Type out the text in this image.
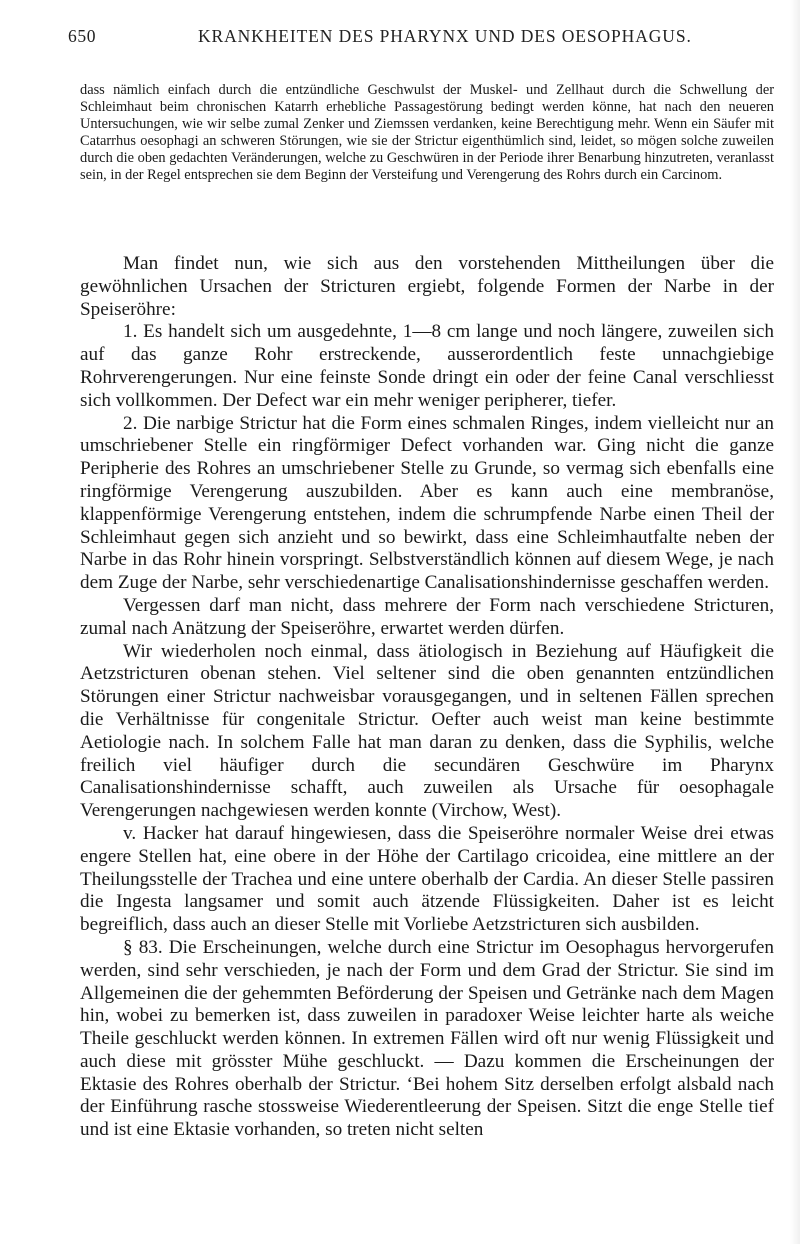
650	KRANKHEITEN DES PHARYNX UND DES OESOPHAGUS.

dass nämlich einfach durch die entzündliche Geschwulst der Muskel- und Zellhaut durch die Schwellung der Schleimhaut beim chronischen Katarrh erhebliche Passagestörung bedingt werden könne, hat nach den neueren Untersuchungen, wie wir selbe zumal Zenker und Ziemssen verdanken, keine Berechtigung mehr. Wenn ein Säufer mit Catarrhus oesophagi an schweren Störungen, wie sie der Strictur eigenthümlich sind, leidet, so mögen solche zuweilen durch die oben gedachten Veränderungen, welche zu Geschwüren in der Periode ihrer Benarbung hinzutreten, veranlasst sein, in der Regel entsprechen sie dem Beginn der Versteifung und Verengerung des Rohrs durch ein Carcinom.

Man findet nun, wie sich aus den vorstehenden Mittheilungen über die gewöhnlichen Ursachen der Stricturen ergiebt, folgende Formen der Narbe in der Speiseröhre:

1. Es handelt sich um ausgedehnte, 1—8 cm lange und noch längere, zuweilen sich auf das ganze Rohr erstreckende, ausserordentlich feste unnachgiebige Rohrverengerungen. Nur eine feinste Sonde dringt ein oder der feine Canal verschliesst sich vollkommen. Der Defect war ein mehr weniger peripherer, tiefer.

2. Die narbige Strictur hat die Form eines schmalen Ringes, indem vielleicht nur an umschriebener Stelle ein ringförmiger Defect vorhanden war. Ging nicht die ganze Peripherie des Rohres an umschriebener Stelle zu Grunde, so vermag sich ebenfalls eine ringförmige Verengerung auszubilden. Aber es kann auch eine membranöse, klappenförmige Verengerung entstehen, indem die schrumpfende Narbe einen Theil der Schleimhaut gegen sich anzieht und so bewirkt, dass eine Schleimhautfalte neben der Narbe in das Rohr hinein vorspringt. Selbstverständlich können auf diesem Wege, je nach dem Zuge der Narbe, sehr verschiedenartige Canalisationshindernisse geschaffen werden.

Vergessen darf man nicht, dass mehrere der Form nach verschiedene Stricturen, zumal nach Anätzung der Speiseröhre, erwartet werden dürfen.

Wir wiederholen noch einmal, dass ätiologisch in Beziehung auf Häufigkeit die Aetzstricturen obenan stehen. Viel seltener sind die oben genannten entzündlichen Störungen einer Strictur nachweisbar vorausgegangen, und in seltenen Fällen sprechen die Verhältnisse für congenitale Strictur. Oefter auch weist man keine bestimmte Aetiologie nach. In solchem Falle hat man daran zu denken, dass die Syphilis, welche freilich viel häufiger durch die secundären Geschwüre im Pharynx Canalisationshindernisse schafft, auch zuweilen als Ursache für oesophagale Verengerungen nachgewiesen werden konnte (Virchow, West).

v. Hacker hat darauf hingewiesen, dass die Speiseröhre normaler Weise drei etwas engere Stellen hat, eine obere in der Höhe der Cartilago cricoidea, eine mittlere an der Theilungsstelle der Trachea und eine untere oberhalb der Cardia. An dieser Stelle passiren die Ingesta langsamer und somit auch ätzende Flüssigkeiten. Daher ist es leicht begreiflich, dass auch an dieser Stelle mit Vorliebe Aetzstricturen sich ausbilden.

§ 83. Die Erscheinungen, welche durch eine Strictur im Oesophagus hervorgerufen werden, sind sehr verschieden, je nach der Form und dem Grad der Strictur. Sie sind im Allgemeinen die der gehemmten Beförderung der Speisen und Getränke nach dem Magen hin, wobei zu bemerken ist, dass zuweilen in paradoxer Weise leichter harte als weiche Theile geschluckt werden können. In extremen Fällen wird oft nur wenig Flüssigkeit und auch diese mit grösster Mühe geschluckt. — Dazu kommen die Erscheinungen der Ektasie des Rohres oberhalb der Strictur. ‘Bei hohem Sitz derselben erfolgt alsbald nach der Einführung rasche stossweise Wiederentleerung der Speisen. Sitzt die enge Stelle tief und ist eine Ektasie vorhanden, so treten nicht selten
